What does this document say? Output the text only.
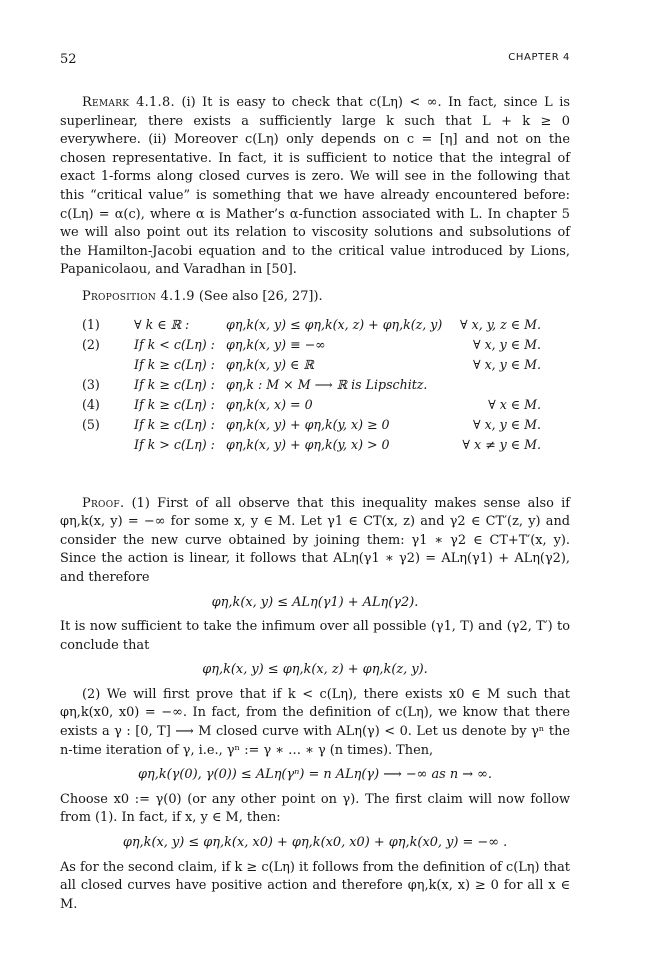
52	CHAPTER 4

Remark 4.1.8. (i) It is easy to check that c(Lη) < ∞. In fact, since L is superlinear, there exists a sufficiently large k such that L + k ≥ 0 everywhere. (ii) Moreover c(Lη) only depends on c = [η] and not on the chosen representative. In fact, it is sufficient to notice that the integral of exact 1-forms along closed curves is zero. We will see in the following that this “critical value” is something that we have already encountered before: c(Lη) = α(c), where α is Mather’s α-function associated with L. In chapter 5 we will also point out its relation to viscosity solutions and subsolutions of the Hamilton-Jacobi equation and to the critical value introduced by Lions, Papanicolaou, and Varadhan in [50].

Proposition 4.1.9 (See also [26, 27]).

(1)	∀ k ∈ ℝ :	φη,k(x, y) ≤ φη,k(x, z) + φη,k(z, y)	∀ x, y, z ∈ M.
(2)	If k < c(Lη) :	φη,k(x, y) ≡ −∞	∀ x, y ∈ M.
	If k ≥ c(Lη) :	φη,k(x, y) ∈ ℝ	∀ x, y ∈ M.
(3)	If k ≥ c(Lη) :	φη,k : M × M ⟶ ℝ is Lipschitz.	
(4)	If k ≥ c(Lη) :	φη,k(x, x) = 0	∀ x ∈ M.
(5)	If k ≥ c(Lη) :	φη,k(x, y) + φη,k(y, x) ≥ 0	∀ x, y ∈ M.
	If k > c(Lη) :	φη,k(x, y) + φη,k(y, x) > 0	∀ x ≠ y ∈ M.

Proof. (1) First of all observe that this inequality makes sense also if φη,k(x, y) = −∞ for some x, y ∈ M. Let γ1 ∈ CT(x, z) and γ2 ∈ CT′(z, y) and consider the new curve obtained by joining them: γ1 ∗ γ2 ∈ CT+T′(x, y). Since the action is linear, it follows that ALη(γ1 ∗ γ2) = ALη(γ1) + ALη(γ2), and therefore

φη,k(x, y) ≤ ALη(γ1) + ALη(γ2).

It is now sufficient to take the infimum over all possible (γ1, T) and (γ2, T′) to conclude that

φη,k(x, y) ≤ φη,k(x, z) + φη,k(z, y).

(2) We will first prove that if k < c(Lη), there exists x0 ∈ M such that φη,k(x0, x0) = −∞. In fact, from the definition of c(Lη), we know that there exists a γ : [0, T] ⟶ M closed curve with ALη(γ) < 0. Let us denote by γⁿ the n-time iteration of γ, i.e., γⁿ := γ ∗ … ∗ γ (n times). Then,

φη,k(γ(0), γ(0)) ≤ ALη(γⁿ) = n ALη(γ) ⟶ −∞ as n → ∞.

Choose x0 := γ(0) (or any other point on γ). The first claim will now follow from (1). In fact, if x, y ∈ M, then:

φη,k(x, y) ≤ φη,k(x, x0) + φη,k(x0, x0) + φη,k(x0, y) = −∞ .

As for the second claim, if k ≥ c(Lη) it follows from the definition of c(Lη) that all closed curves have positive action and therefore φη,k(x, x) ≥ 0 for all x ∈ M.
